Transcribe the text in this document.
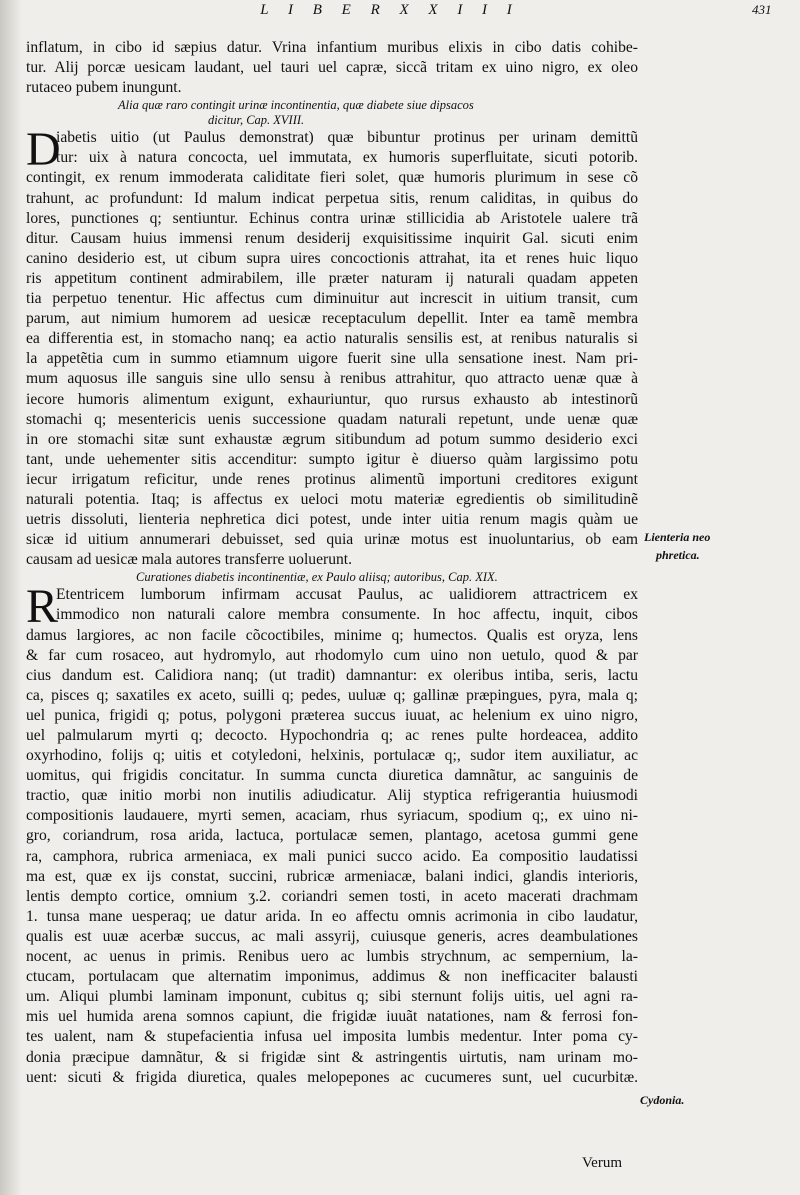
L I B E R X X I I I	431
inflatum, in cibo id sæpius datur. Vrina infantium muribus elixis in cibo datis cohibe-
tur. Alij porcæ uesicam laudant, uel tauri uel capræ, siccã tritam ex uino nigro, ex oleo
rutaceo pubem inungunt.
Alia quæ raro contingit urinæ incontinentia, quæ diabete siue dipsacos
dicitur, Cap. XVIII.
D
iabetis uitio (ut Paulus demonstrat) quæ bibuntur protinus per urinam demittũ
tur: uix à natura concocta, uel immutata, ex humoris superfluitate, sicuti potorib.
contingit, ex renum immoderata caliditate fieri solet, quæ humoris plurimum in sese cõ
trahunt, ac profundunt: Id malum indicat perpetua sitis, renum caliditas, in quibus do
lores, punctiones q; sentiuntur. Echinus contra urinæ stillicidia ab Aristotele ualere trã
ditur. Causam huius immensi renum desiderij exquisitissime inquirit Gal. sicuti enim
canino desiderio est, ut cibum supra uires concoctionis attrahat, ita et renes huic liquo
ris appetitum continent admirabilem, ille præter naturam ij naturali quadam appeten
tia perpetuo tenentur. Hic affectus cum diminuitur aut increscit in uitium transit, cum
parum, aut nimium humorem ad uesicæ receptaculum depellit. Inter ea tamẽ membra
ea differentia est, in stomacho nanq; ea actio naturalis sensilis est, at renibus naturalis si
la appetẽtia cum in summo etiamnum uigore fuerit sine ulla sensatione inest. Nam pri-
mum aquosus ille sanguis sine ullo sensu à renibus attrahitur, quo attracto uenæ quæ à
iecore humoris alimentum exigunt, exhauriuntur, quo rursus exhausto ab intestinorũ
stomachi q; mesentericis uenis successione quadam naturali repetunt, unde uenæ quæ
in ore stomachi sitæ sunt exhaustæ ægrum sitibundum ad potum summo desiderio exci
tant, unde uehementer sitis accenditur: sumpto igitur è diuerso quàm largissimo potu
iecur irrigatum reficitur, unde renes protinus alimentũ importuni creditores exigunt
naturali potentia. Itaq; is affectus ex ueloci motu materiæ egredientis ob similitudinẽ
uetris dissoluti, lienteria nephretica dici potest, unde inter uitia renum magis quàm ue
sicæ id uitium annumerari debuisset, sed quia urinæ motus est inuoluntarius, ob eam
causam ad uesicæ mala autores transferre uoluerunt.
Curationes diabetis incontinentiæ, ex Paulo aliisq; autoribus, Cap. XIX.
R
Etentricem lumborum infirmam accusat Paulus, ac ualidiorem attractricem ex
immodico non naturali calore membra consumente. In hoc affectu, inquit, cibos
damus largiores, ac non facile cõcoctibiles, minime q; humectos. Qualis est oryza, lens
& far cum rosaceo, aut hydromylo, aut rhodomylo cum uino non uetulo, quod & par
cius dandum est. Calidiora nanq; (ut tradit) damnantur: ex oleribus intiba, seris, lactu
ca, pisces q; saxatiles ex aceto, suilli q; pedes, uuluæ q; gallinæ præpingues, pyra, mala q;
uel punica, frigidi q; potus, polygoni præterea succus iuuat, ac helenium ex uino nigro,
uel palmularum myrti q; decocto. Hypochondria q; ac renes pulte hordeacea, addito
oxyrhodino, folijs q; uitis et cotyledoni, helxinis, portulacæ q;, sudor item auxiliatur, ac
uomitus, qui frigidis concitatur. In summa cuncta diuretica damnãtur, ac sanguinis de
tractio, quæ initio morbi non inutilis adiudicatur. Alij styptica refrigerantia huiusmodi
compositionis laudauere, myrti semen, acaciam, rhus syriacum, spodium q;, ex uino ni-
gro, coriandrum, rosa arida, lactuca, portulacæ semen, plantago, acetosa gummi gene
ra, camphora, rubrica armeniaca, ex mali punici succo acido. Ea compositio laudatissi
ma est, quæ ex ijs constat, succini, rubricæ armeniacæ, balani indici, glandis interioris,
lentis dempto cortice, omnium ʒ.2. coriandri semen tosti, in aceto macerati drachmam
1. tunsa mane uesperaq; ue datur arida. In eo affectu omnis acrimonia in cibo laudatur,
qualis est uuæ acerbæ succus, ac mali assyrij, cuiusque generis, acres deambulationes
nocent, ac uenus in primis. Renibus uero ac lumbis strychnum, ac sempernium, la-
ctucam, portulacam que alternatim imponimus, addimus & non inefficaciter balausti
um. Aliqui plumbi laminam imponunt, cubitus q; sibi sternunt folijs uitis, uel agni ra-
mis uel humida arena somnos capiunt, die frigidæ iuuãt natationes, nam & ferrosi fon-
tes ualent, nam & stupefacientia infusa uel imposita lumbis medentur. Inter poma cy-
donia præcipue damnãtur, & si frigidæ sint & astringentis uirtutis, nam urinam mo-
uent: sicuti & frigida diuretica, quales melopepones ac cucumeres sunt, uel cucurbitæ.
Verum
Lienteria neo
phretica.
Cydonia.
